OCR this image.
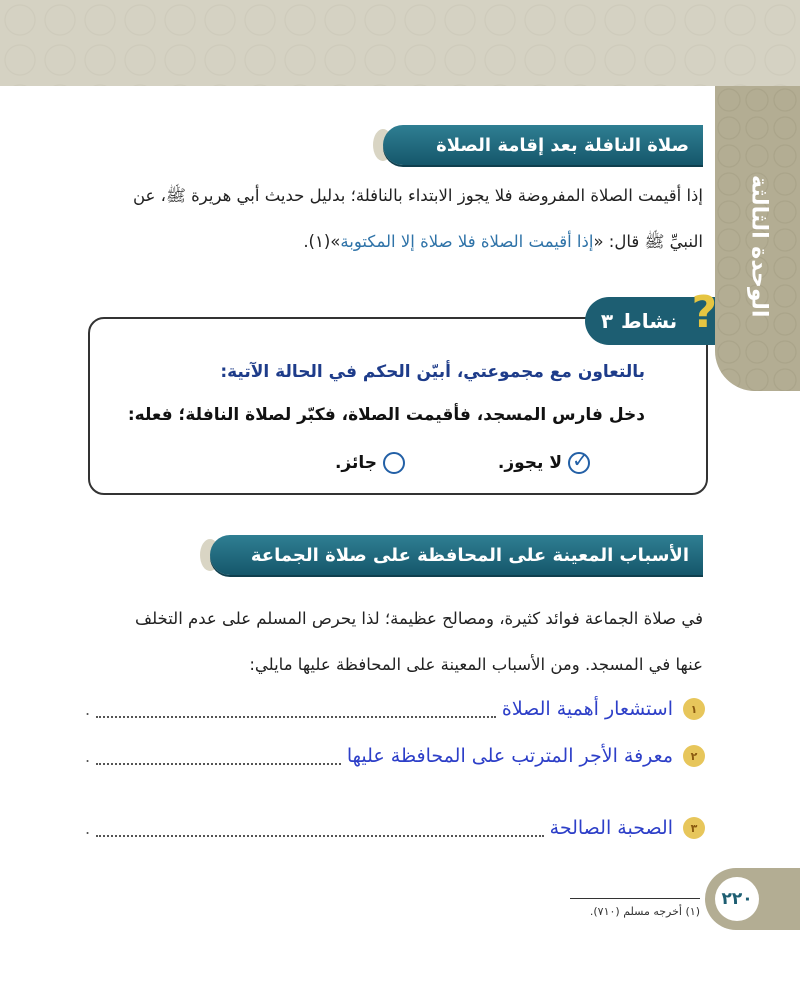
الوحدة الثالثة
صلاة النافلة بعد إقامة الصلاة
إذا أقيمت الصلاة المفروضة فلا يجوز الابتداء بالنافلة؛ بدليل حديث أبي هريرة ﷺ، عن
النبيِّ ﷺ قال: «إذا أقيمت الصلاة فلا صلاة إلا المكتوبة»(١).
?
نشاط
٣
بالتعاون مع مجموعتي، أبيّن الحكم في الحالة الآتية:
دخل فارس المسجد، فأقيمت الصلاة، فكبّر لصلاة النافلة؛ فعله:
✓
لا يجوز.
جائز.
الأسباب المعينة على المحافظة على صلاة الجماعة
في صلاة الجماعة فوائد كثيرة، ومصالح عظيمة؛ لذا يحرص المسلم على عدم التخلف
عنها في المسجد. ومن الأسباب المعينة على المحافظة عليها مايلي:
١
استشعار أهمية الصلاة
.
٢
معرفة الأجر المترتب على المحافظة عليها
.
٣
الصحبة الصالحة
.
٢٢٠
(١) أخرجه مسلم (٧١٠).
